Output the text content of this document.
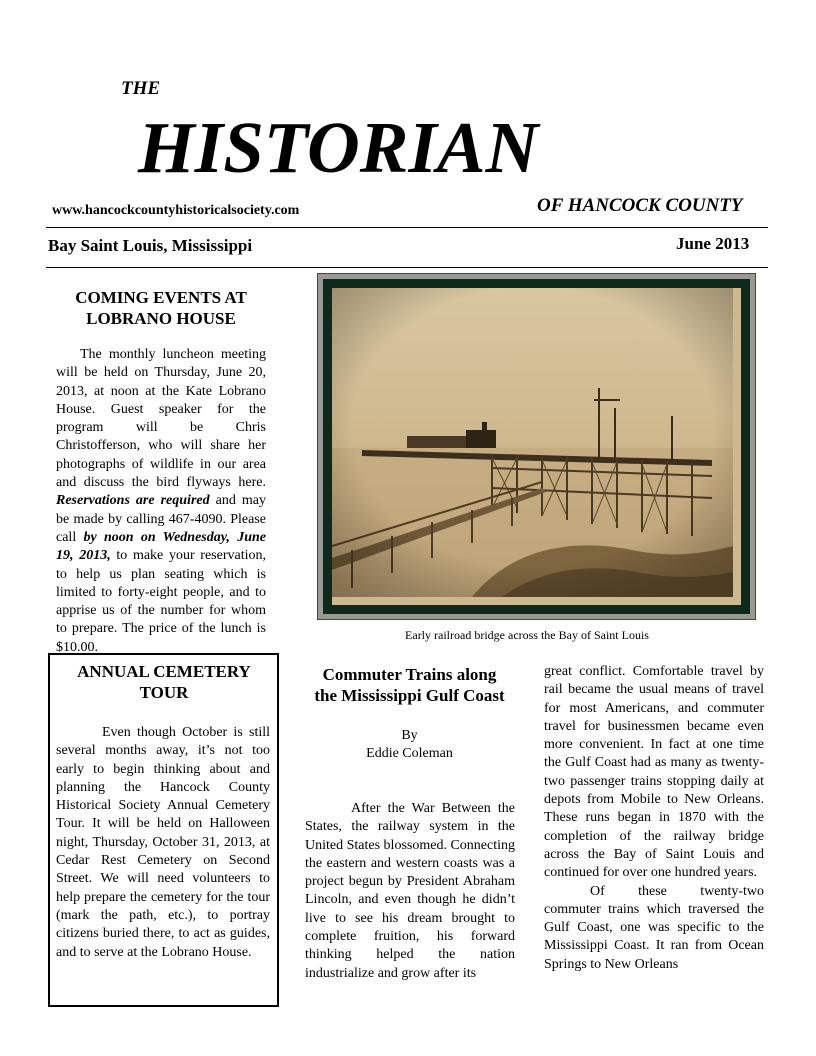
THE
HISTORIAN
www.hancockcountyhistoricalsociety.com	OF HANCOCK COUNTY
Bay Saint Louis, Mississippi	June 2013
COMING EVENTS AT
LOBRANO HOUSE

The monthly luncheon meeting will be held on Thursday, June 20, 2013, at noon at the Kate Lobrano House. Guest speaker for the program will be Chris Christofferson, who will share her photographs of wildlife in our area and discuss the bird flyways here. Reservations are required and may be made by calling 467-4090. Please call by noon on Wednesday, June 19, 2013, to make your reservation, to help us plan seating which is limited to forty-eight people, and to apprise us of the number for whom to prepare. The price of the lunch is $10.00.

Early railroad bridge across the Bay of Saint Louis
ANNUAL CEMETERY
TOUR

Even though October is still several months away, it’s not too early to begin thinking about and planning the Hancock County Historical Society Annual Cemetery Tour. It will be held on Halloween night, Thursday, October 31, 2013, at Cedar Rest Cemetery on Second Street. We will need volunteers to help prepare the cemetery for the tour (mark the path, etc.), to portray citizens buried there, to act as guides, and to serve at the Lobrano House.

Commuter Trains along
the Mississippi Gulf Coast
By
Eddie Coleman

After the War Between the States, the railway system in the United States blossomed. Connecting the eastern and western coasts was a project begun by President Abraham Lincoln, and even though he didn’t live to see his dream brought to complete fruition, his forward thinking helped the nation industrialize and grow after its

great conflict. Comfortable travel by rail became the usual means of travel for most Americans, and commuter travel for businessmen became even more convenient. In fact at one time the Gulf Coast had as many as twenty-two passenger trains stopping daily at depots from Mobile to New Orleans. These runs began in 1870 with the completion of the railway bridge across the Bay of Saint Louis and continued for over one hundred years.

Of these twenty-two commuter trains which traversed the Gulf Coast, one was specific to the Mississippi Coast. It ran from Ocean Springs to New Orleans
